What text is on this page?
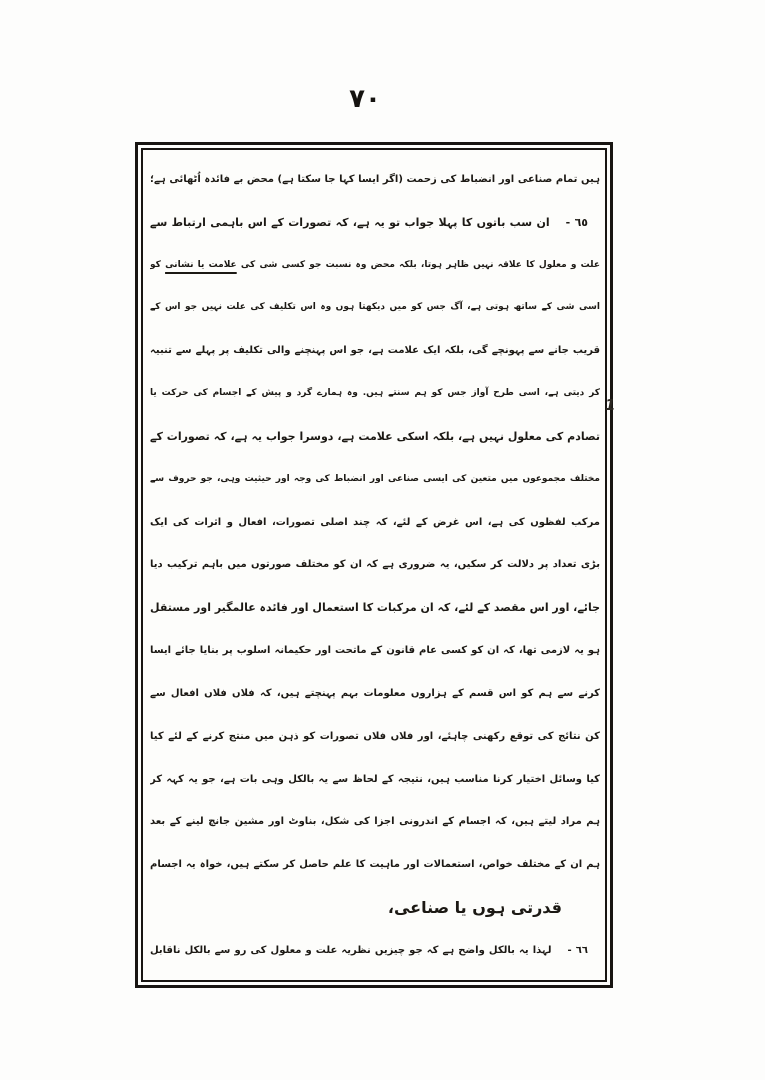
٧٠
1
ہیں تمام صناعی اور انضباط کی زحمت (اگر ایسا کہا جا سکتا ہے) محض بے فائدہ اُٹھائی ہے؛
٦٥ -ان سب باتوں کا پہلا جواب تو یہ ہے، کہ تصورات کے اس باہمی ارتباط سے
علت و معلول کا علاقہ نہیں ظاہر ہوتا، بلکہ محض وہ نسبت جو کسی شی کی علامت یا نشانی کو
اسی شی کے ساتھ ہوتی ہے، آگ جس کو میں دیکھتا ہوں وہ اس تکلیف کی علت نہیں جو اس کے
قریب جانے سے پہونچے گی، بلکہ ایک علامت ہے، جو اس پہنچنے والی تکلیف پر پہلے سے تنبیہ
کر دیتی ہے، اسی طرح آواز جس کو ہم سنتے ہیں. وہ ہمارے گرد و پیش کے اجسام کی حرکت یا
تصادم کی معلول نہیں ہے، بلکہ اسکی علامت ہے، دوسرا جواب یہ ہے، کہ تصورات کے
مختلف مجموعوں میں متعین کی ایسی صناعی اور انضباط کی وجہ اور حیثیت وہی، جو حروف سے
مرکب لفظوں کی ہے، اس غرض کے لئے، کہ چند اصلی تصورات، افعال و اثرات کی ایک
بڑی تعداد پر دلالت کر سکیں، یہ ضروری ہے کہ ان کو مختلف صورتوں میں باہم ترکیب دیا
جائے، اور اس مقصد کے لئے، کہ ان مرکبات کا استعمال اور فائدہ عالمگیر اور مستقل
ہو یہ لازمی تھا، کہ ان کو کسی عام قانون کے ماتحت اور حکیمانہ اسلوب پر بنایا جائے ایسا
کرنے سے ہم کو اس قسم کے ہزاروں معلومات بہم پہنچتے ہیں، کہ فلاں فلاں افعال سے
کن نتائج کی توقع رکھنی چاہئے، اور فلاں فلاں تصورات کو ذہن میں منتج کرنے کے لئے کیا
کیا وسائل اختیار کرنا مناسب ہیں، نتیجہ کے لحاظ سے یہ بالکل وہی بات ہے، جو یہ کہہ کر
ہم مراد لیتے ہیں، کہ اجسام کے اندرونی اجزا کی شکل، بناوٹ اور مشین جانچ لینے کے بعد
ہم ان کے مختلف خواص، استعمالات اور ماہیت کا علم حاصل کر سکتے ہیں، خواہ یہ اجسام
قدرتی ہوں یا صناعی،
٦٦ -لہذا یہ بالکل واضح ہے کہ جو چیزیں نظریہ علت و معلول کی رو سے بالکل ناقابل
